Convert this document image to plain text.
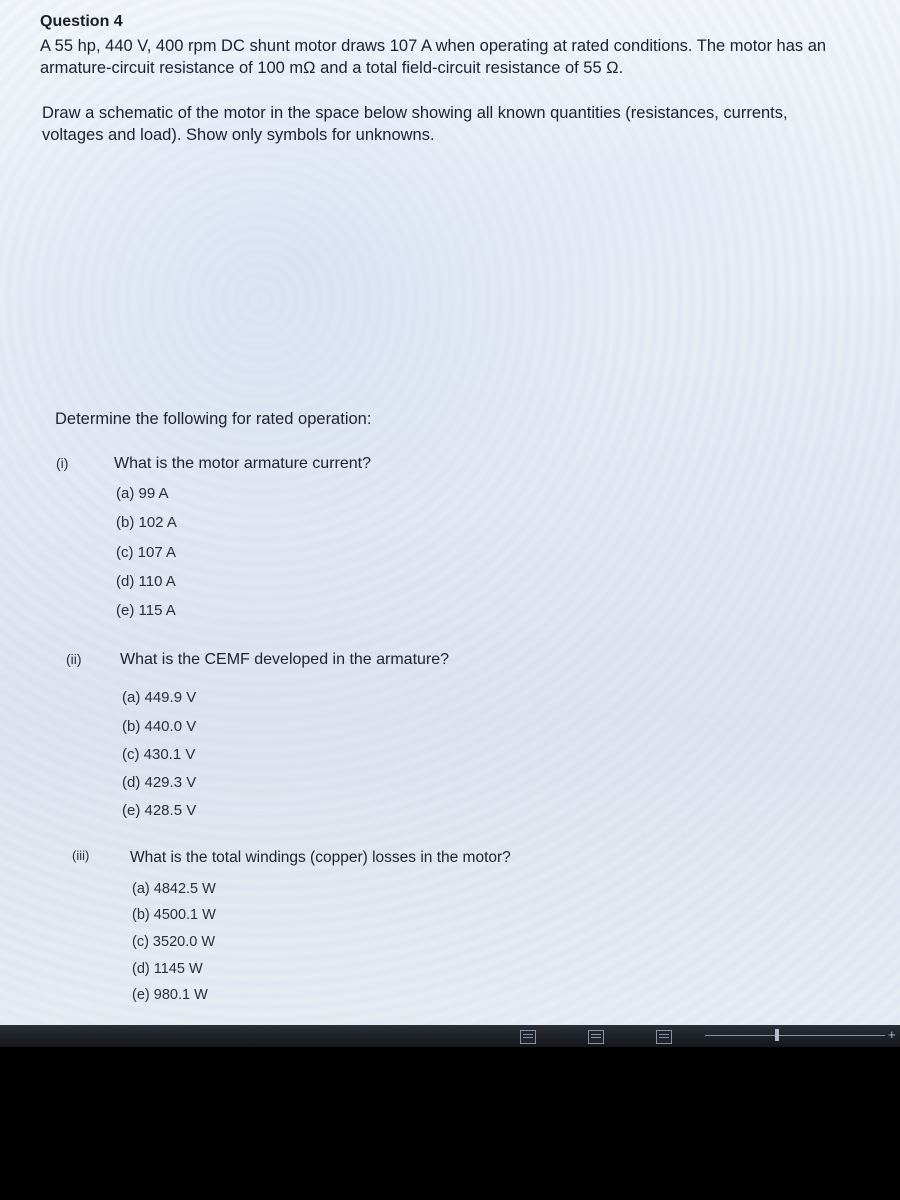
Question 4
A 55 hp, 440 V, 400 rpm DC shunt motor draws 107 A when operating at rated conditions. The motor has an armature-circuit resistance of 100 mΩ and a total field-circuit resistance of 55 Ω.
Draw a schematic of the motor in the space below showing all known quantities (resistances, currents, voltages and load). Show only symbols for unknowns.
Determine the following for rated operation:
(i)	What is the motor armature current?
(a) 99 A
(b) 102 A
(c) 107 A
(d) 110 A
(e) 115 A
(ii) What is the CEMF developed in the armature?
(a) 449.9 V
(b) 440.0 V
(c) 430.1 V
(d) 429.3 V
(e) 428.5 V
(iii)	What is the total windings (copper) losses in the motor?
(a) 4842.5 W
(b) 4500.1 W
(c) 3520.0 W
(d) 1145 W
(e) 980.1 W
+
